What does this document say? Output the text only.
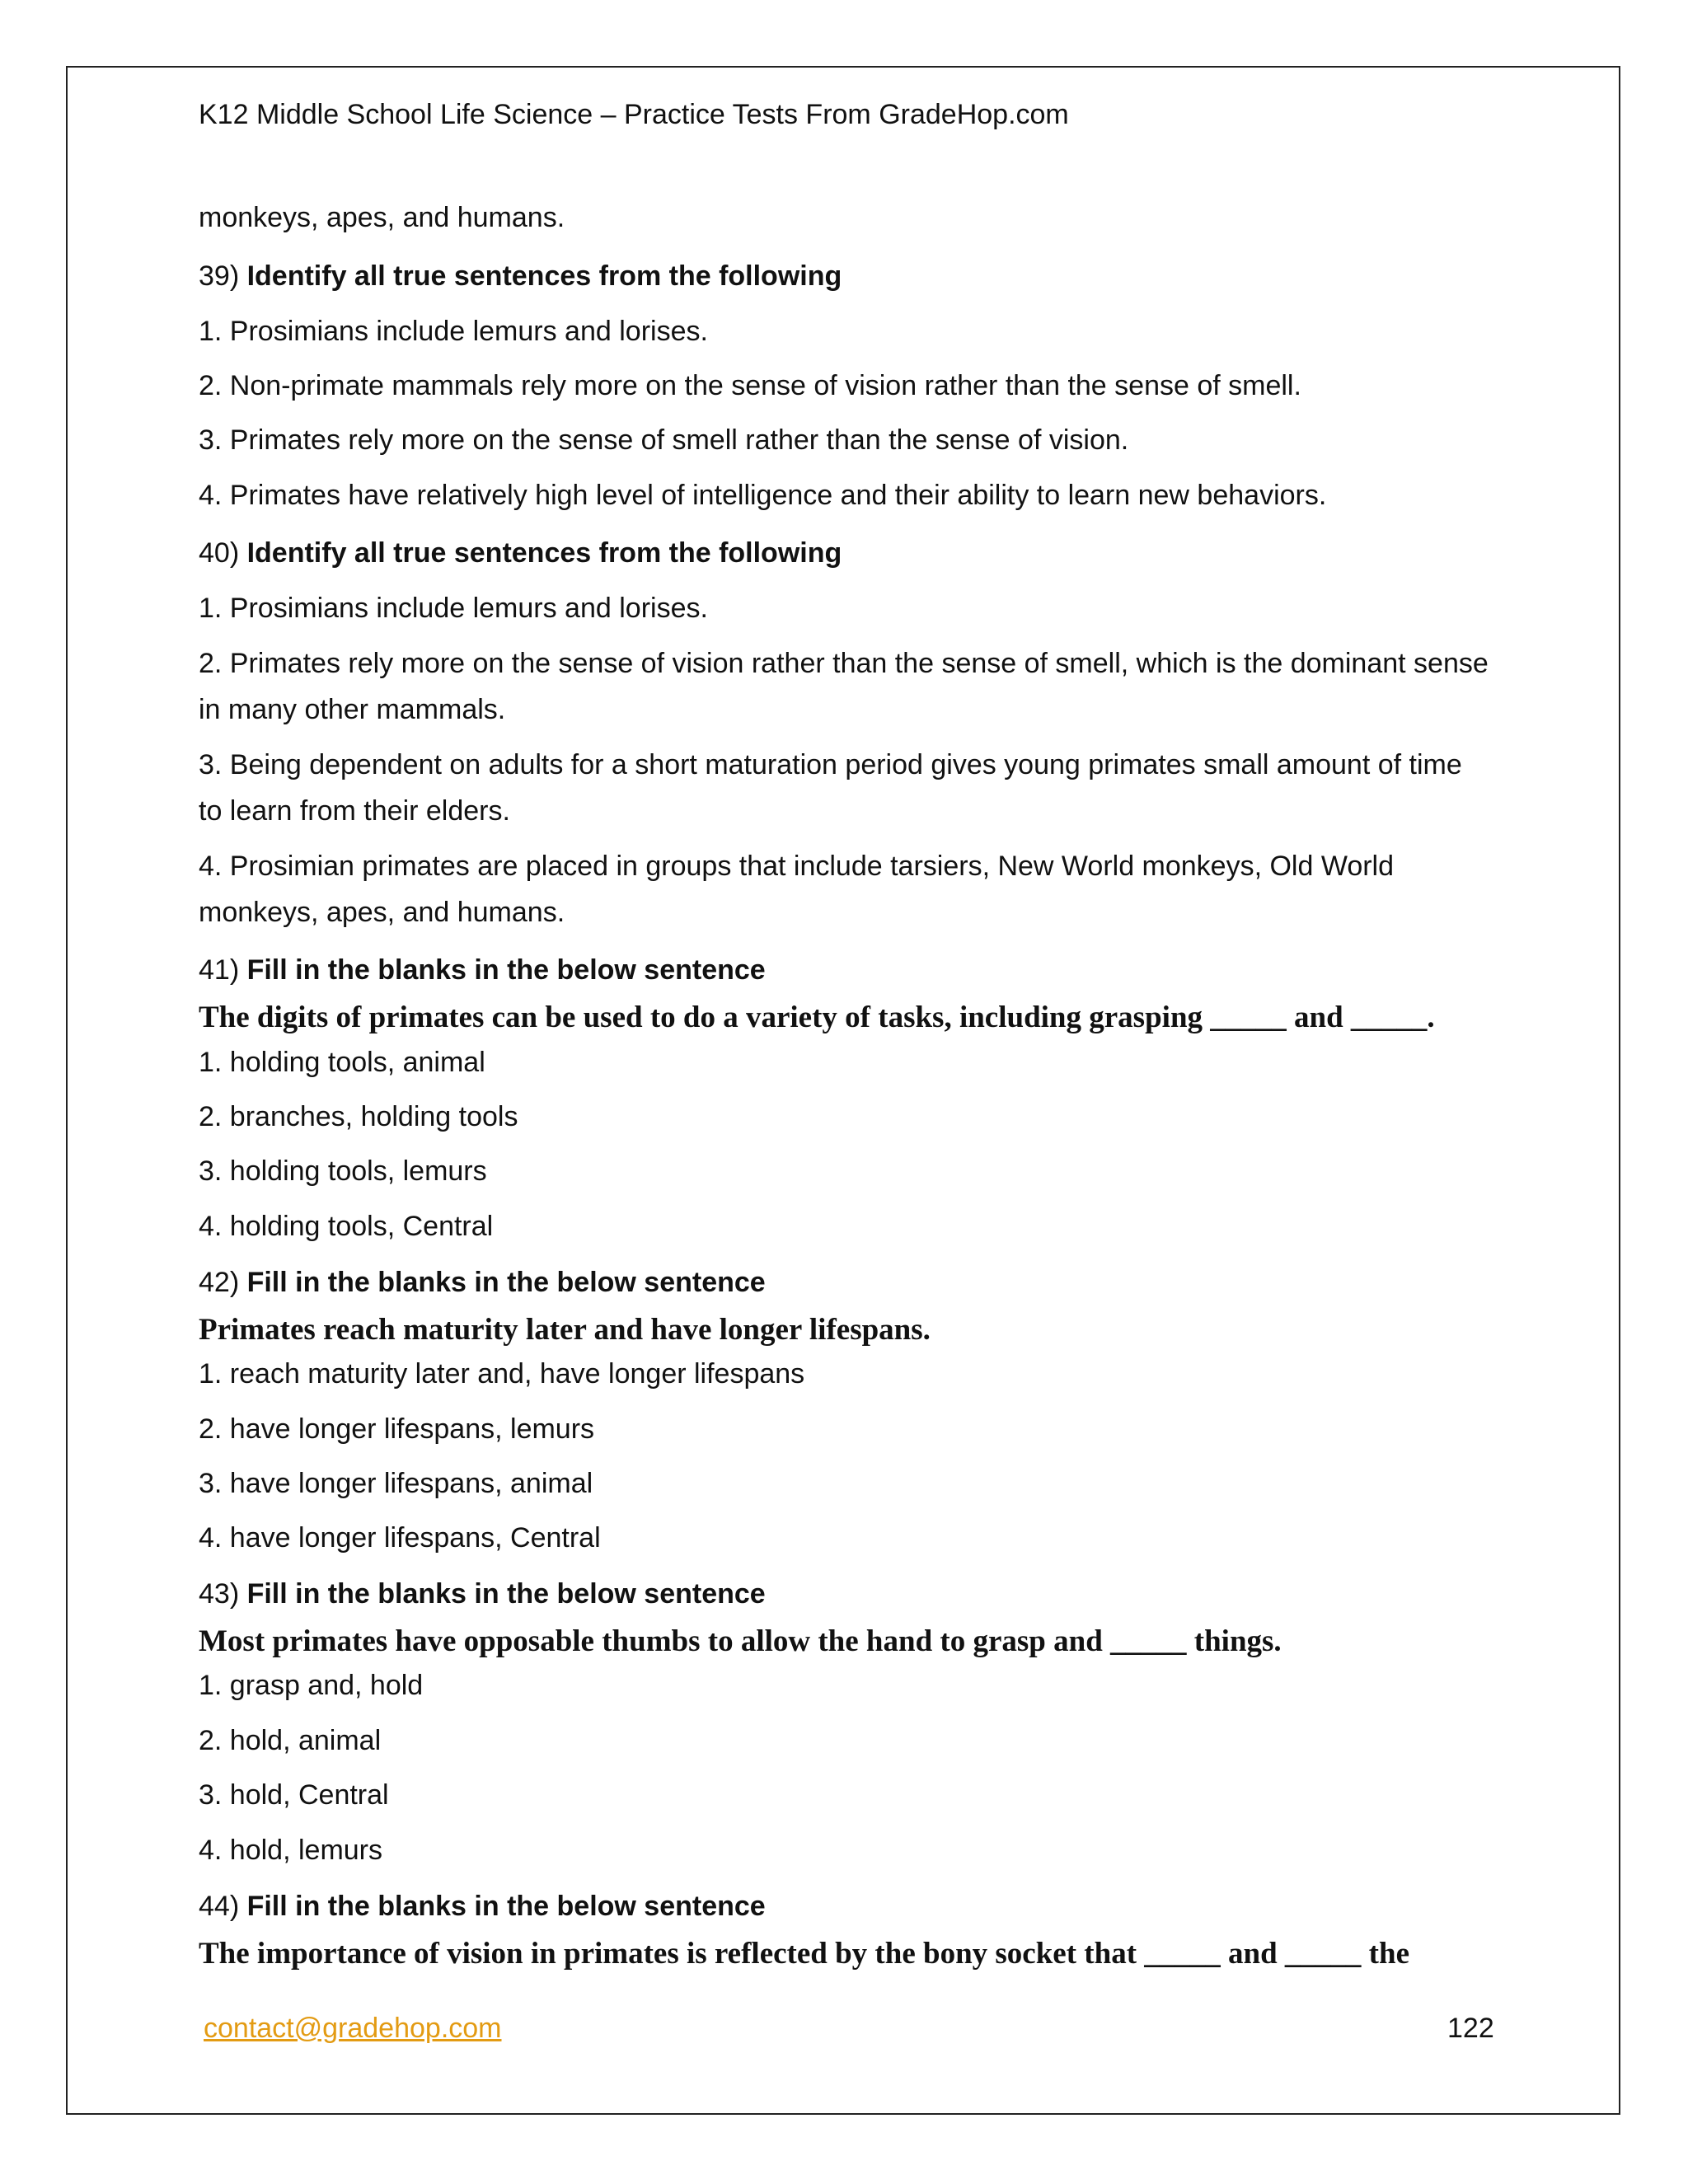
K12 Middle School Life Science – Practice Tests From GradeHop.com
monkeys, apes, and humans.
39) Identify all true sentences from the following
1. Prosimians include lemurs and lorises.
2. Non-primate mammals rely more on the sense of vision rather than the sense of smell.
3. Primates rely more on the sense of smell rather than the sense of vision.
4. Primates have relatively high level of intelligence and their ability to learn new behaviors.
40) Identify all true sentences from the following
1. Prosimians include lemurs and lorises.
2. Primates rely more on the sense of vision rather than the sense of smell, which is the dominant sense
in many other mammals.
3. Being dependent on adults for a short maturation period gives young primates small amount of time
to learn from their elders.
4. Prosimian primates are placed in groups that include tarsiers, New World monkeys, Old World
monkeys, apes, and humans.
41) Fill in the blanks in the below sentence
The digits of primates can be used to do a variety of tasks, including grasping _____ and _____.
1. holding tools, animal
2. branches, holding tools
3. holding tools, lemurs
4. holding tools, Central
42) Fill in the blanks in the below sentence
Primates reach maturity later and have longer lifespans.
1. reach maturity later and, have longer lifespans
2. have longer lifespans, lemurs
3. have longer lifespans, animal
4. have longer lifespans, Central
43) Fill in the blanks in the below sentence
Most primates have opposable thumbs to allow the hand to grasp and _____ things.
1. grasp and, hold
2. hold, animal
3. hold, Central
4. hold, lemurs
44) Fill in the blanks in the below sentence
The importance of vision in primates is reflected by the bony socket that _____ and _____ the
contact@gradehop.com	122
